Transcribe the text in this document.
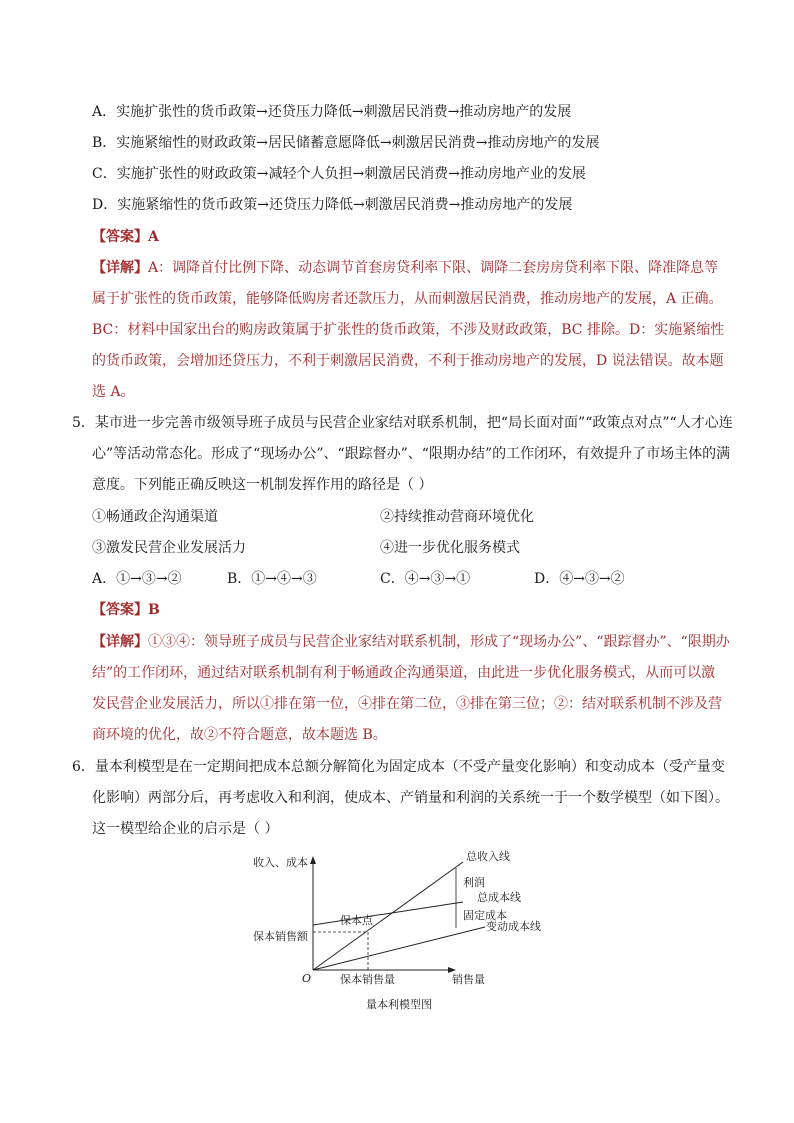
A．实施扩张性的货币政策→还贷压力降低→刺激居民消费→推动房地产的发展
B．实施紧缩性的财政政策→居民储蓄意愿降低→刺激居民消费→推动房地产的发展
C．实施扩张性的财政政策→减轻个人负担→刺激居民消费→推动房地产业的发展
D．实施紧缩性的货币政策→还贷压力降低→刺激居民消费→推动房地产的发展
【答案】A
【详解】A：调降首付比例下降、动态调节首套房贷利率下限、调降二套房房贷利率下限、降准降息等
属于扩张性的货币政策，能够降低购房者还款压力，从而刺激居民消费，推动房地产的发展，A 正确。
BC：材料中国家出台的购房政策属于扩张性的货币政策，不涉及财政政策，BC 排除。D：实施紧缩性
的货币政策，会增加还贷压力，不利于刺激居民消费，不利于推动房地产的发展，D 说法错误。故本题
选 A。
5．某市进一步完善市级领导班子成员与民营企业家结对联系机制，把“局长面对面”“政策点对点”“人才心连
心”等活动常态化。形成了“现场办公”、“跟踪督办”、“限期办结”的工作闭环，有效提升了市场主体的满
意度。下列能正确反映这一机制发挥作用的路径是（ ）
①畅通政企沟通渠道	②持续推动营商环境优化
③激发民营企业发展活力	④进一步优化服务模式
A．①→③→②	B．①→④→③	C．④→③→①	D．④→③→②
【答案】B
【详解】①③④：领导班子成员与民营企业家结对联系机制，形成了“现场办公”、“跟踪督办”、“限期办
结”的工作闭环，通过结对联系机制有利于畅通政企沟通渠道，由此进一步优化服务模式，从而可以激
发民营企业发展活力，所以①排在第一位，④排在第二位，③排在第三位；②：结对联系机制不涉及营
商环境的优化，故②不符合题意，故本题选 B。
6．量本利模型是在一定期间把成本总额分解简化为固定成本（不受产量变化影响）和变动成本（受产量变
化影响）两部分后，再考虑收入和利润，使成本、产销量和利润的关系统一于一个数学模型（如下图）。
这一模型给企业的启示是（ ）
收入、成本
保本销售额
O	保本销售量	销售量
保本点
总收入线
利润
总成本线
固定成本
变动成本线
量本利模型图
